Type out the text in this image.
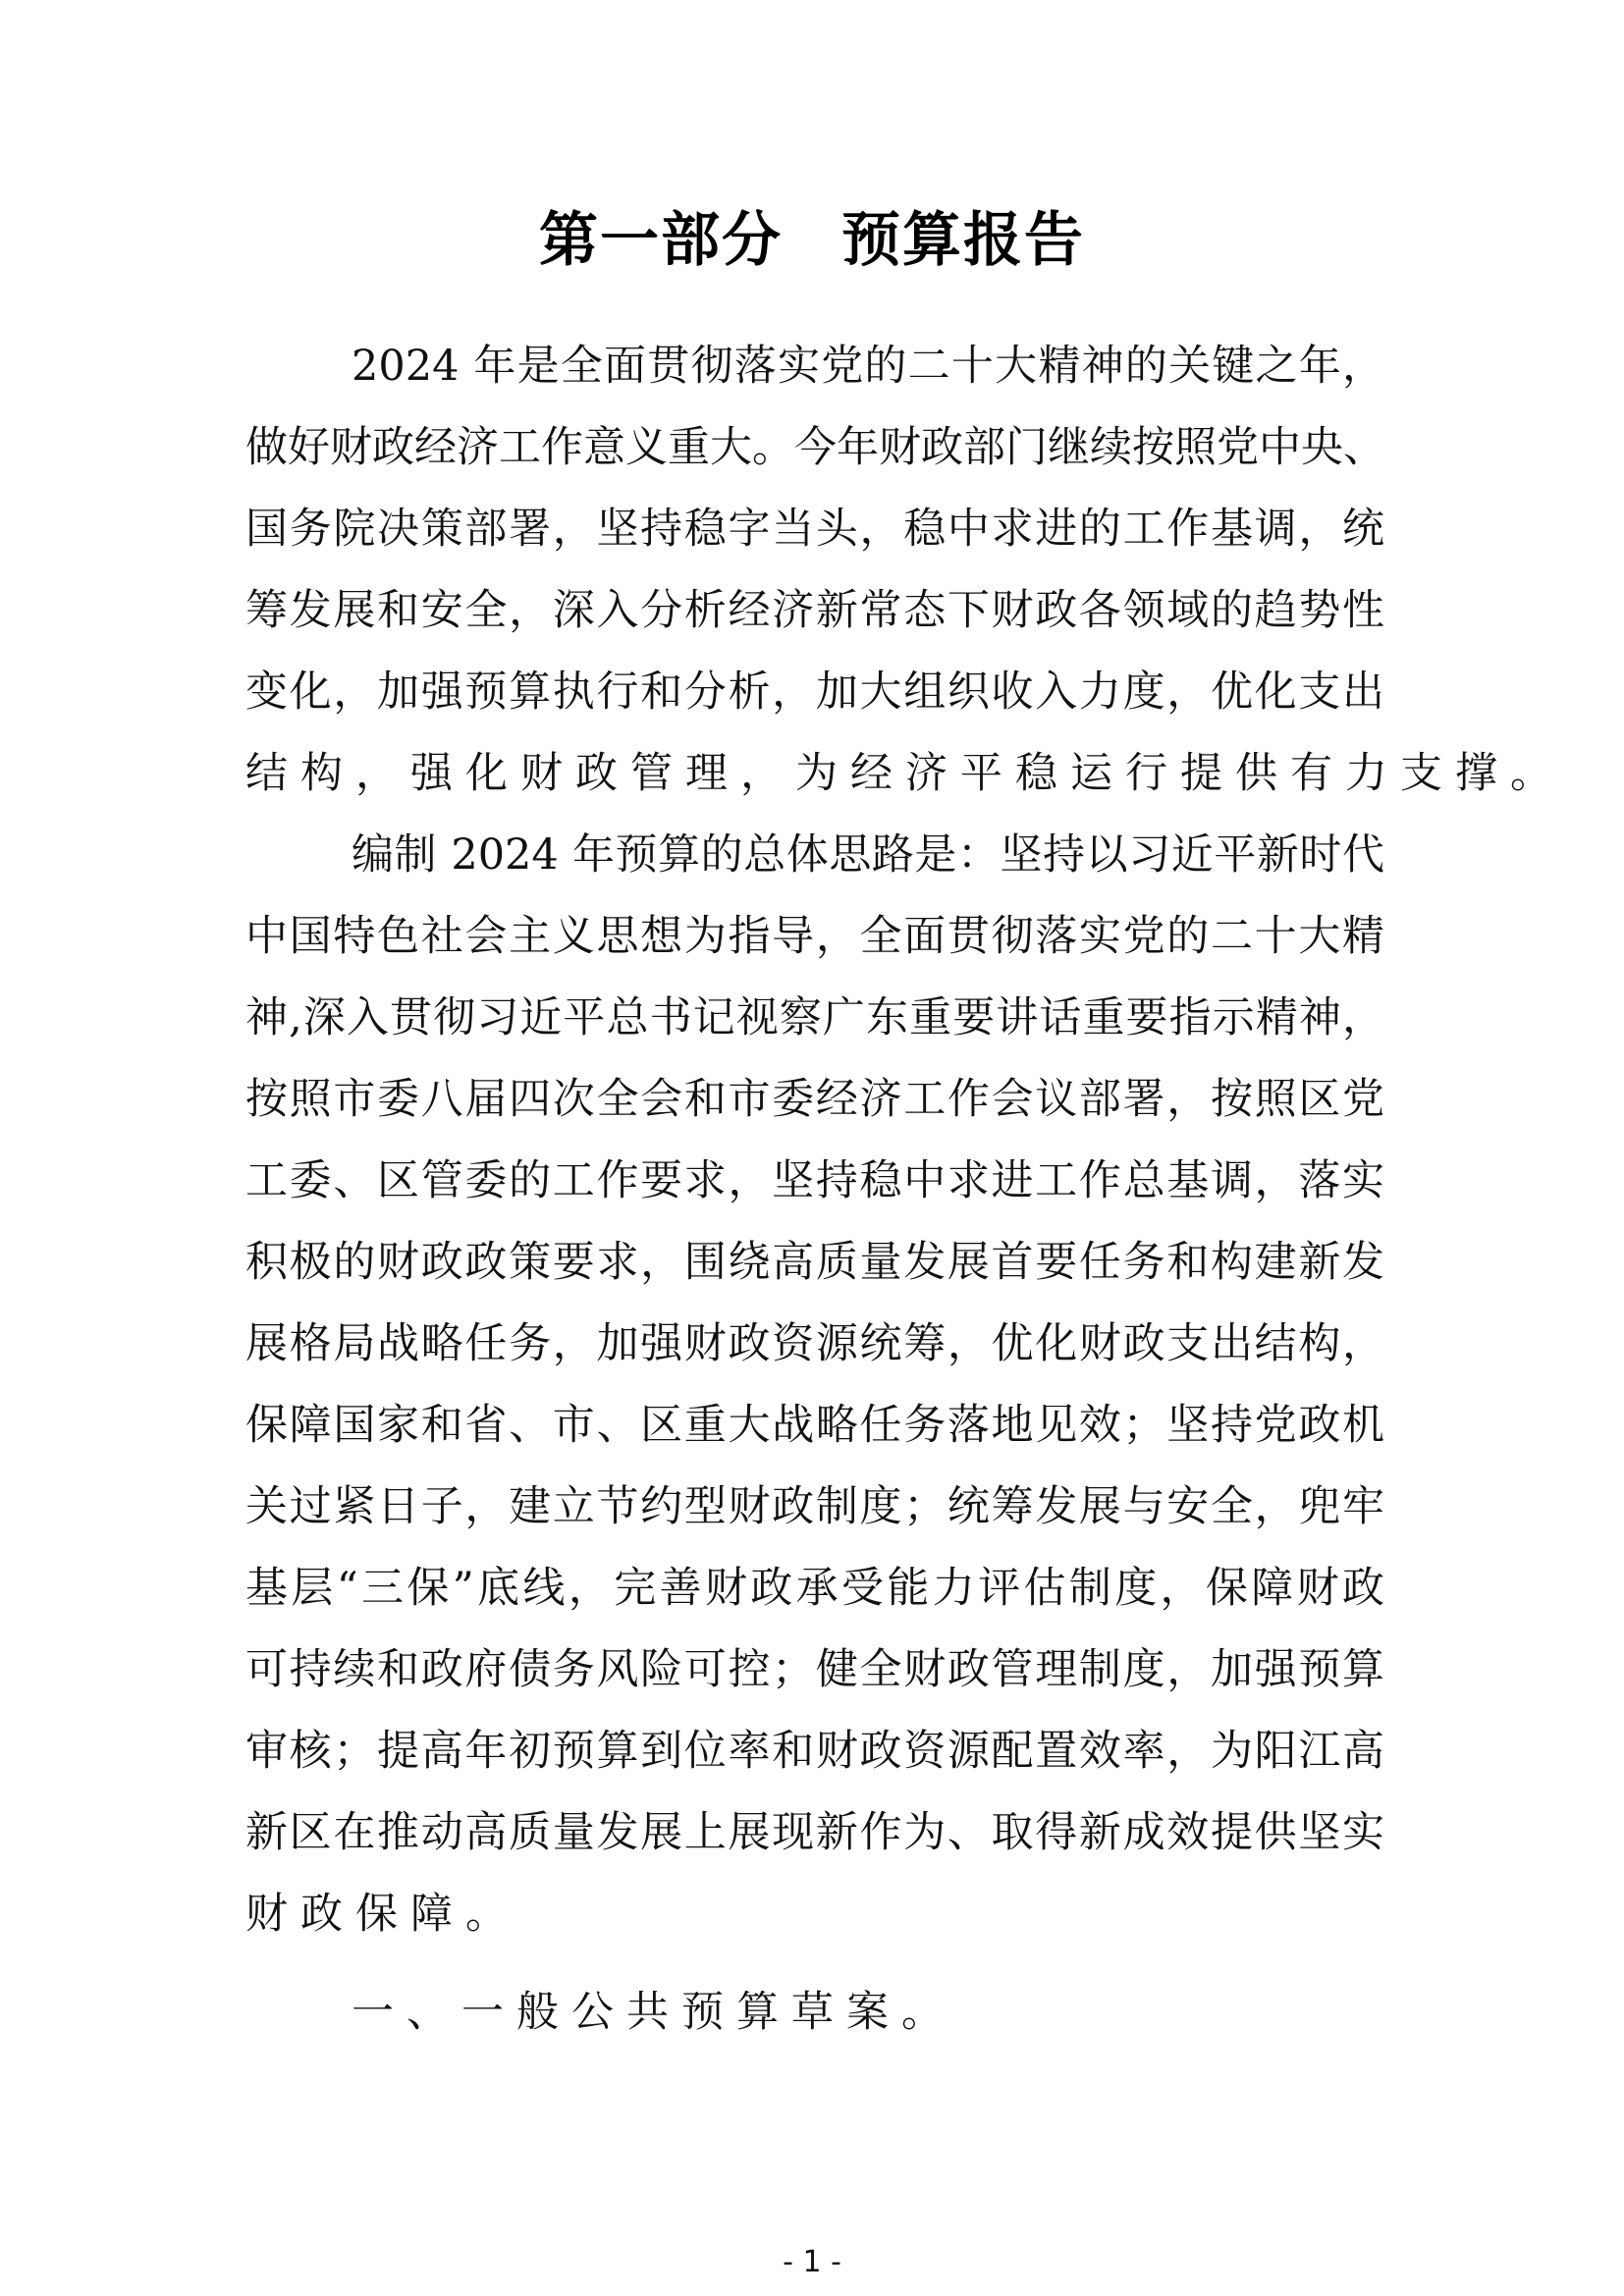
第一部分 预算报告
2024 年是全面贯彻落实党的二十大精神的关键之年，
做好财政经济工作意义重大。今年财政部门继续按照党中央、
国务院决策部署，坚持稳字当头，稳中求进的工作基调，统
筹发展和安全，深入分析经济新常态下财政各领域的趋势性
变化，加强预算执行和分析，加大组织收入力度，优化支出
结构，强化财政管理，为经济平稳运行提供有力支撑。
编制 2024 年预算的总体思路是：坚持以习近平新时代
中国特色社会主义思想为指导，全面贯彻落实党的二十大精
神,深入贯彻习近平总书记视察广东重要讲话重要指示精神，
按照市委八届四次全会和市委经济工作会议部署，按照区党
工委、区管委的工作要求，坚持稳中求进工作总基调，落实
积极的财政政策要求，围绕高质量发展首要任务和构建新发
展格局战略任务，加强财政资源统筹，优化财政支出结构，
保障国家和省、市、区重大战略任务落地见效；坚持党政机
关过紧日子，建立节约型财政制度；统筹发展与安全，兜牢
基层“三保”底线，完善财政承受能力评估制度，保障财政
可持续和政府债务风险可控；健全财政管理制度，加强预算
审核；提高年初预算到位率和财政资源配置效率，为阳江高
新区在推动高质量发展上展现新作为、取得新成效提供坚实
财政保障。
一、一般公共预算草案。
- 1 -
